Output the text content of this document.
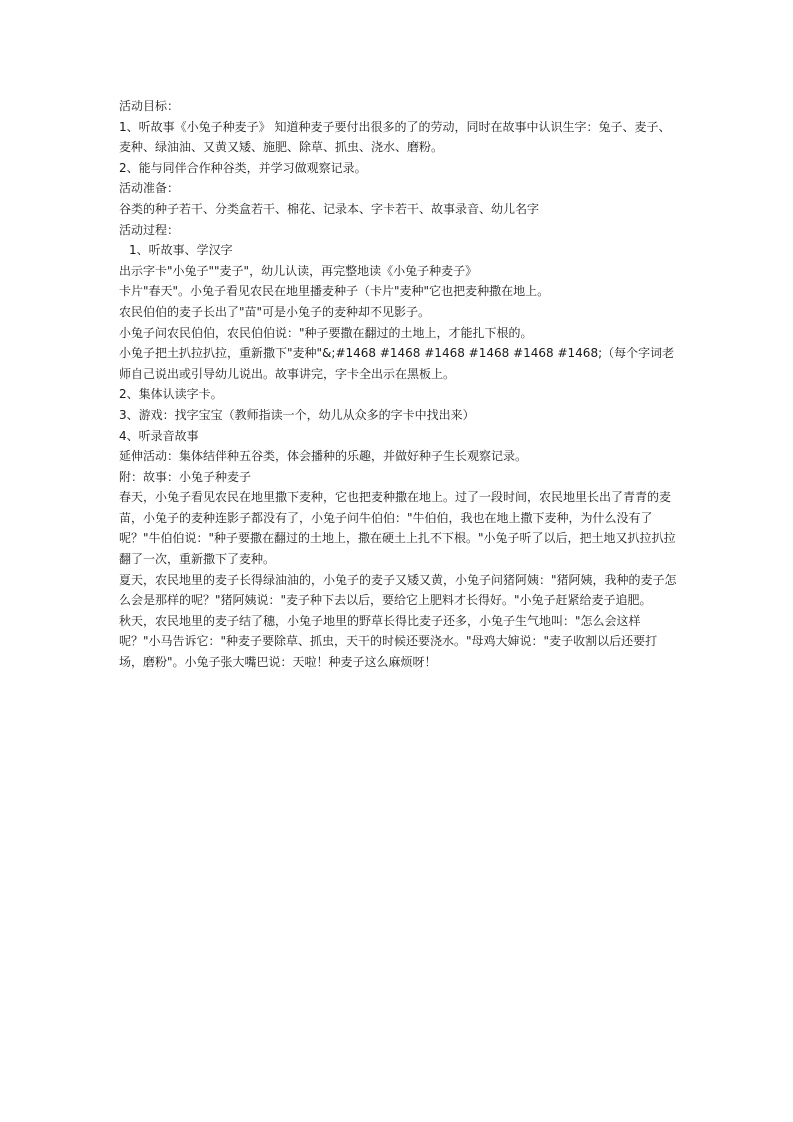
活动目标：

1、听故事《小兔子种麦子》 知道种麦子要付出很多的了的劳动，同时在故事中认识生字：兔子、麦子、麦种、绿油油、又黄又矮、施肥、除草、抓虫、浇水、磨粉。

2、能与同伴合作种谷类，并学习做观察记录。

活动准备：

谷类的种子若干、分类盒若干、棉花、记录本、字卡若干、故事录音、幼儿名字

活动过程：

1、听故事、学汉字

出示字卡"小兔子""麦子"，幼儿认读，再完整地读《小兔子种麦子》

卡片"春天"。小兔子看见农民在地里播麦种子（卡片"麦种"它也把麦种撒在地上。

农民伯伯的麦子长出了"苗"可是小兔子的麦种却不见影子。

小兔子问农民伯伯，农民伯伯说："种子要撒在翻过的土地上，才能扎下根的。

小兔子把土扒拉扒拉，重新撒下"麦种"&;#1468 #1468 #1468 #1468 #1468 #1468;（每个字词老师自己说出或引导幼儿说出。故事讲完，字卡全出示在黑板上。

2、集体认读字卡。

3、游戏：找字宝宝（教师指读一个，幼儿从众多的字卡中找出来）

4、听录音故事

延伸活动：集体结伴种五谷类，体会播种的乐趣，并做好种子生长观察记录。

附：故事：小兔子种麦子

春天，小兔子看见农民在地里撒下麦种，它也把麦种撒在地上。过了一段时间，农民地里长出了青青的麦苗，小兔子的麦种连影子都没有了，小兔子问牛伯伯："牛伯伯，我也在地上撒下麦种，为什么没有了呢？"牛伯伯说："种子要撒在翻过的土地上，撒在硬土上扎不下根。"小兔子听了以后，把土地又扒拉扒拉翻了一次，重新撒下了麦种。

夏天，农民地里的麦子长得绿油油的，小兔子的麦子又矮又黄，小兔子问猪阿姨："猪阿姨，我种的麦子怎么会是那样的呢？"猪阿姨说："麦子种下去以后，要给它上肥料才长得好。"小兔子赶紧给麦子追肥。

秋天，农民地里的麦子结了穗，小兔子地里的野草长得比麦子还多，小兔子生气地叫："怎么会这样呢？"小马告诉它："种麦子要除草、抓虫，天干的时候还要浇水。"母鸡大婶说："麦子收割以后还要打场，磨粉"。小兔子张大嘴巴说：天啦！种麦子这么麻烦呀！
